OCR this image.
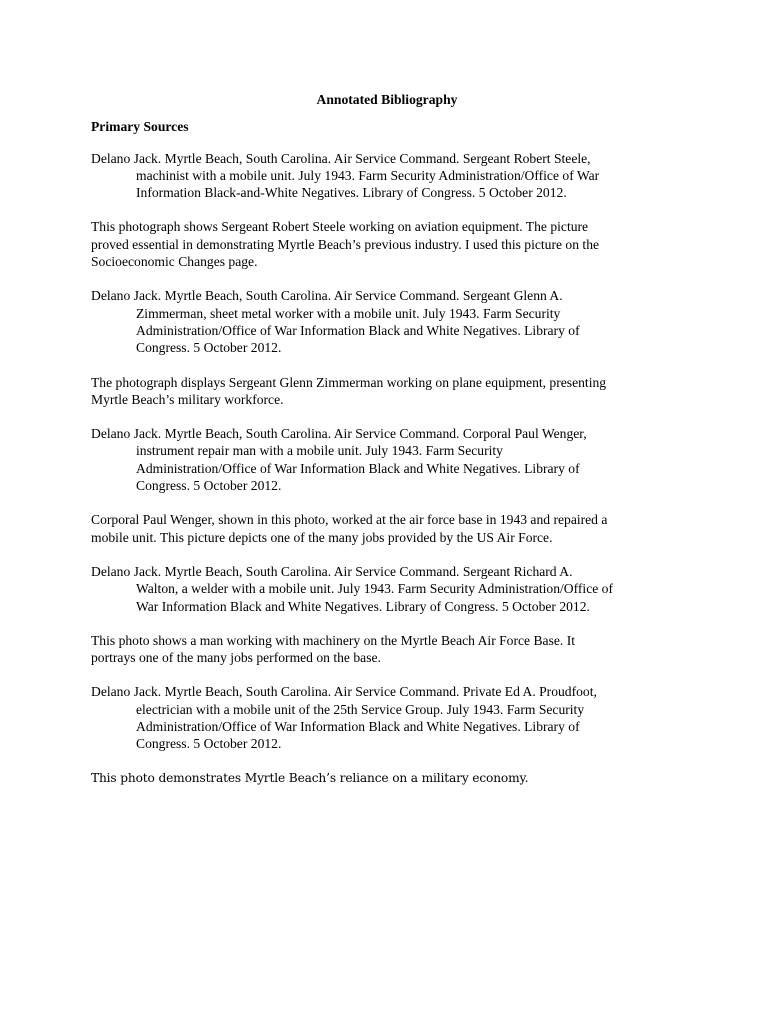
Annotated Bibliography
Primary Sources
Delano Jack. Myrtle Beach, South Carolina. Air Service Command. Sergeant Robert Steele,
machinist with a mobile unit. July 1943. Farm Security Administration/Office of War
Information Black-and-White Negatives. Library of Congress. 5 October 2012.
This photograph shows Sergeant Robert Steele working on aviation equipment. The picture
proved essential in demonstrating Myrtle Beach’s previous industry. I used this picture on the
Socioeconomic Changes page.
Delano Jack. Myrtle Beach, South Carolina. Air Service Command. Sergeant Glenn A.
Zimmerman, sheet metal worker with a mobile unit. July 1943. Farm Security
Administration/Office of War Information Black and White Negatives. Library of
Congress. 5 October 2012.
The photograph displays Sergeant Glenn Zimmerman working on plane equipment, presenting
Myrtle Beach’s military workforce.
Delano Jack. Myrtle Beach, South Carolina. Air Service Command. Corporal Paul Wenger,
instrument repair man with a mobile unit. July 1943. Farm Security
Administration/Office of War Information Black and White Negatives. Library of
Congress. 5 October 2012.
Corporal Paul Wenger, shown in this photo, worked at the air force base in 1943 and repaired a
mobile unit. This picture depicts one of the many jobs provided by the US Air Force.
Delano Jack. Myrtle Beach, South Carolina. Air Service Command. Sergeant Richard A.
Walton, a welder with a mobile unit. July 1943. Farm Security Administration/Office of
War Information Black and White Negatives. Library of Congress. 5 October 2012.
This photo shows a man working with machinery on the Myrtle Beach Air Force Base. It
portrays one of the many jobs performed on the base.
Delano Jack. Myrtle Beach, South Carolina. Air Service Command. Private Ed A. Proudfoot,
electrician with a mobile unit of the 25th Service Group. July 1943. Farm Security
Administration/Office of War Information Black and White Negatives. Library of
Congress. 5 October 2012.
This photo demonstrates Myrtle Beach’s reliance on a military economy.
